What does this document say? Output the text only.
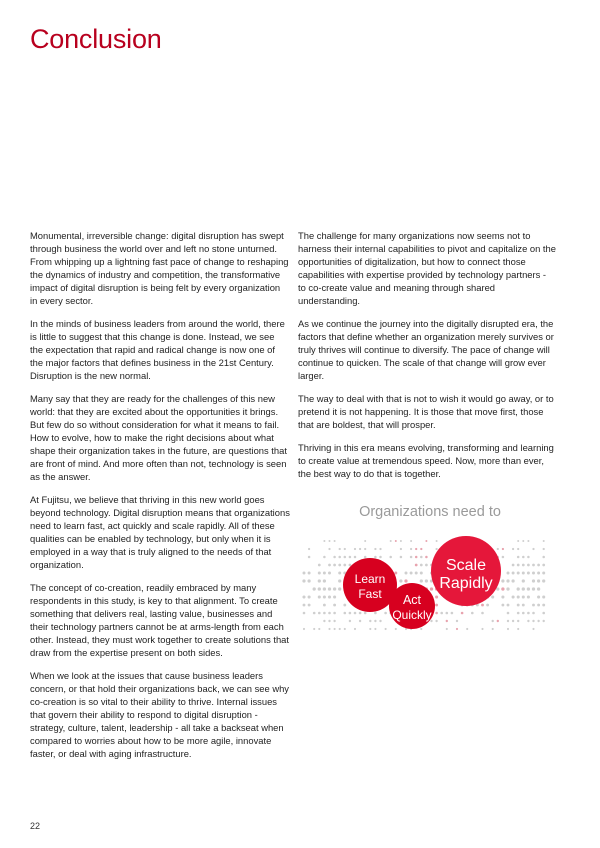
Conclusion

Monumental, irreversible change: digital disruption has swept through business the world over and left no stone unturned. From whipping up a lightning fast pace of change to reshaping the dynamics of industry and competition, the transformative impact of digital disruption is being felt by every organization in every sector.

In the minds of business leaders from around the world, there is little to suggest that this change is done. Instead, we see the expectation that rapid and radical change is now one of the major factors that defines business in the 21st Century. Disruption is the new normal.

Many say that they are ready for the challenges of this new world: that they are excited about the opportunities it brings. But few do so without consideration for what it means to fail. How to evolve, how to make the right decisions about what shape their organization takes in the future, are questions that are front of mind. And more often than not, technology is seen as the answer.

At Fujitsu, we believe that thriving in this new world goes beyond technology. Digital disruption means that organizations need to learn fast, act quickly and scale rapidly. All of these qualities can be enabled by technology, but only when it is employed in a way that is truly aligned to the needs of that organization.

The concept of co-creation, readily embraced by many respondents in this study, is key to that alignment. To create something that delivers real, lasting value, businesses and their technology partners cannot be at arms-length from each other. Instead, they must work together to create solutions that draw from the expertise present on both sides.

When we look at the issues that cause business leaders concern, or that hold their organizations back, we can see why co-creation is so vital to their ability to thrive. Internal issues that govern their ability to respond to digital disruption - strategy, culture, talent, leadership - all take a backseat when compared to worries about how to be more agile, innovate faster, or deal with aging infrastructure.

The challenge for many organizations now seems not to harness their internal capabilities to pivot and capitalize on the opportunities of digitalization, but how to connect those capabilities with expertise provided by technology partners - to co-create value and meaning through shared understanding.

As we continue the journey into the digitally disrupted era, the factors that define whether an organization merely survives or truly thrives will continue to diversify. The pace of change will continue to quicken. The scale of that change will grow ever larger.

The way to deal with that is not to wish it would go away, or to pretend it is not happening. It is those that move first, those that are boldest, that will prosper.

Thriving in this era means evolving, transforming and learning to create value at tremendous speed. Now, more than ever, the best way to do that is together.

Organizations need to
Learn
Fast Act
Quickly
Scale
Rapidly
22
